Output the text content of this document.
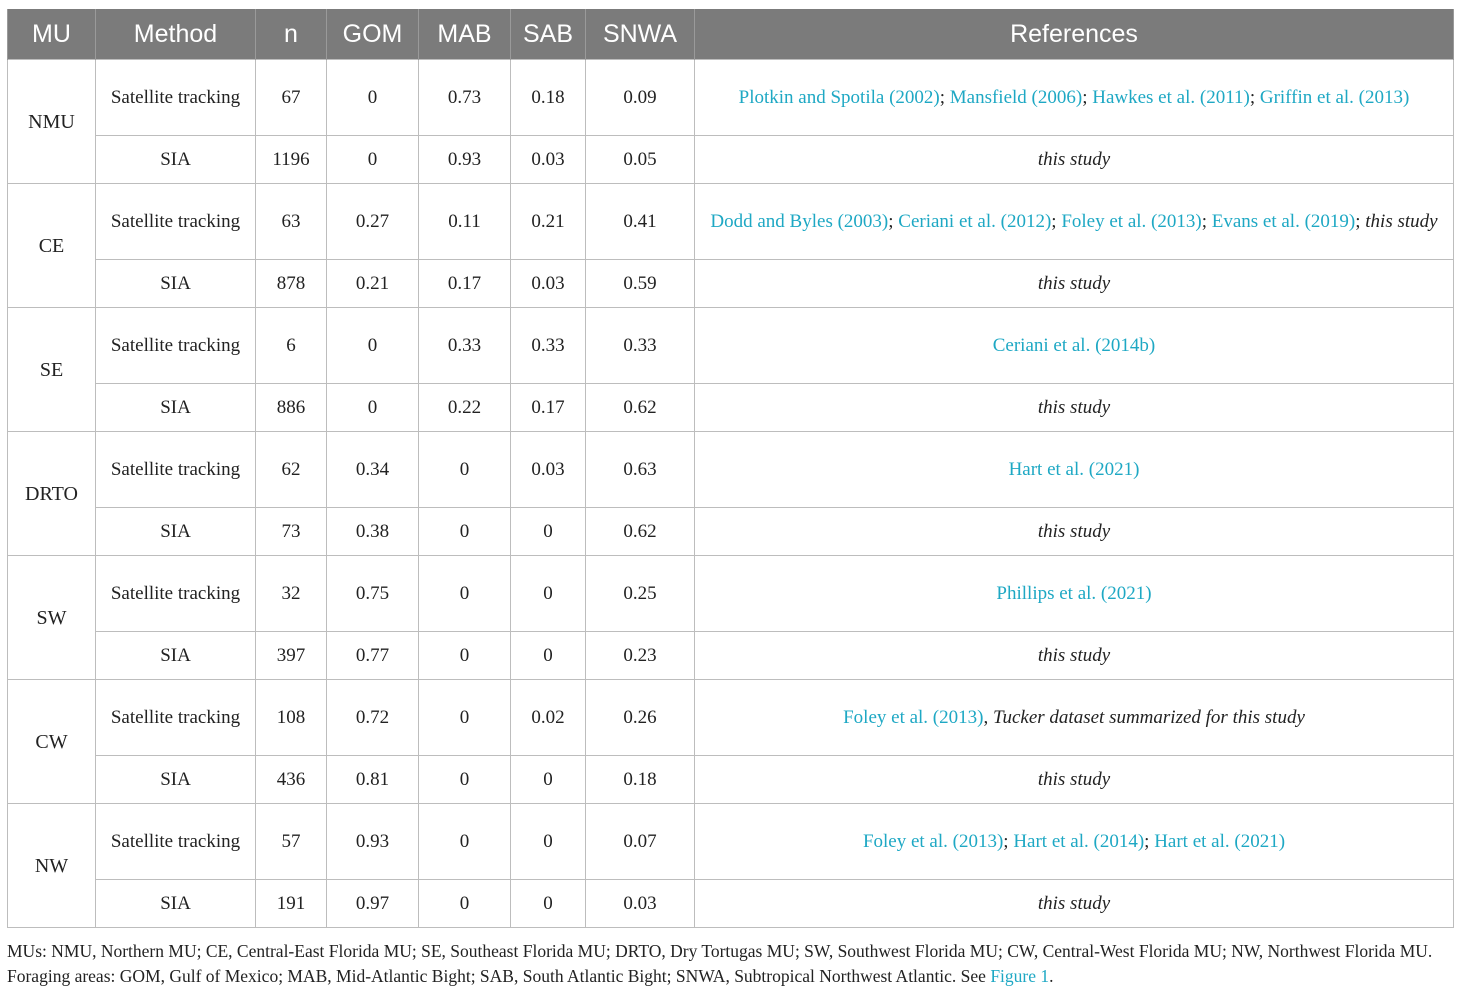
MU	Method	n	GOM	MAB	SAB	SNWA	References
NMU	Satellite tracking	67	0	0.73	0.18	0.09	Plotkin and Spotila (2002); Mansfield (2006); Hawkes et al. (2011); Griffin et al. (2013)
	SIA	1196	0	0.93	0.03	0.05	this study
CE	Satellite tracking	63	0.27	0.11	0.21	0.41	Dodd and Byles (2003); Ceriani et al. (2012); Foley et al. (2013); Evans et al. (2019); this study
	SIA	878	0.21	0.17	0.03	0.59	this study
SE	Satellite tracking	6	0	0.33	0.33	0.33	Ceriani et al. (2014b)
	SIA	886	0	0.22	0.17	0.62	this study
DRTO	Satellite tracking	62	0.34	0	0.03	0.63	Hart et al. (2021)
	SIA	73	0.38	0	0	0.62	this study
SW	Satellite tracking	32	0.75	0	0	0.25	Phillips et al. (2021)
	SIA	397	0.77	0	0	0.23	this study
CW	Satellite tracking	108	0.72	0	0.02	0.26	Foley et al. (2013), Tucker dataset summarized for this study
	SIA	436	0.81	0	0	0.18	this study
NW	Satellite tracking	57	0.93	0	0	0.07	Foley et al. (2013); Hart et al. (2014); Hart et al. (2021)
	SIA	191	0.97	0	0	0.03	this study
MUs: NMU, Northern MU; CE, Central-East Florida MU; SE, Southeast Florida MU; DRTO, Dry Tortugas MU; SW, Southwest Florida MU; CW, Central-West Florida MU; NW, Northwest Florida MU. Foraging areas: GOM, Gulf of Mexico; MAB, Mid-Atlantic Bight; SAB, South Atlantic Bight; SNWA, Subtropical Northwest Atlantic. See Figure 1.
